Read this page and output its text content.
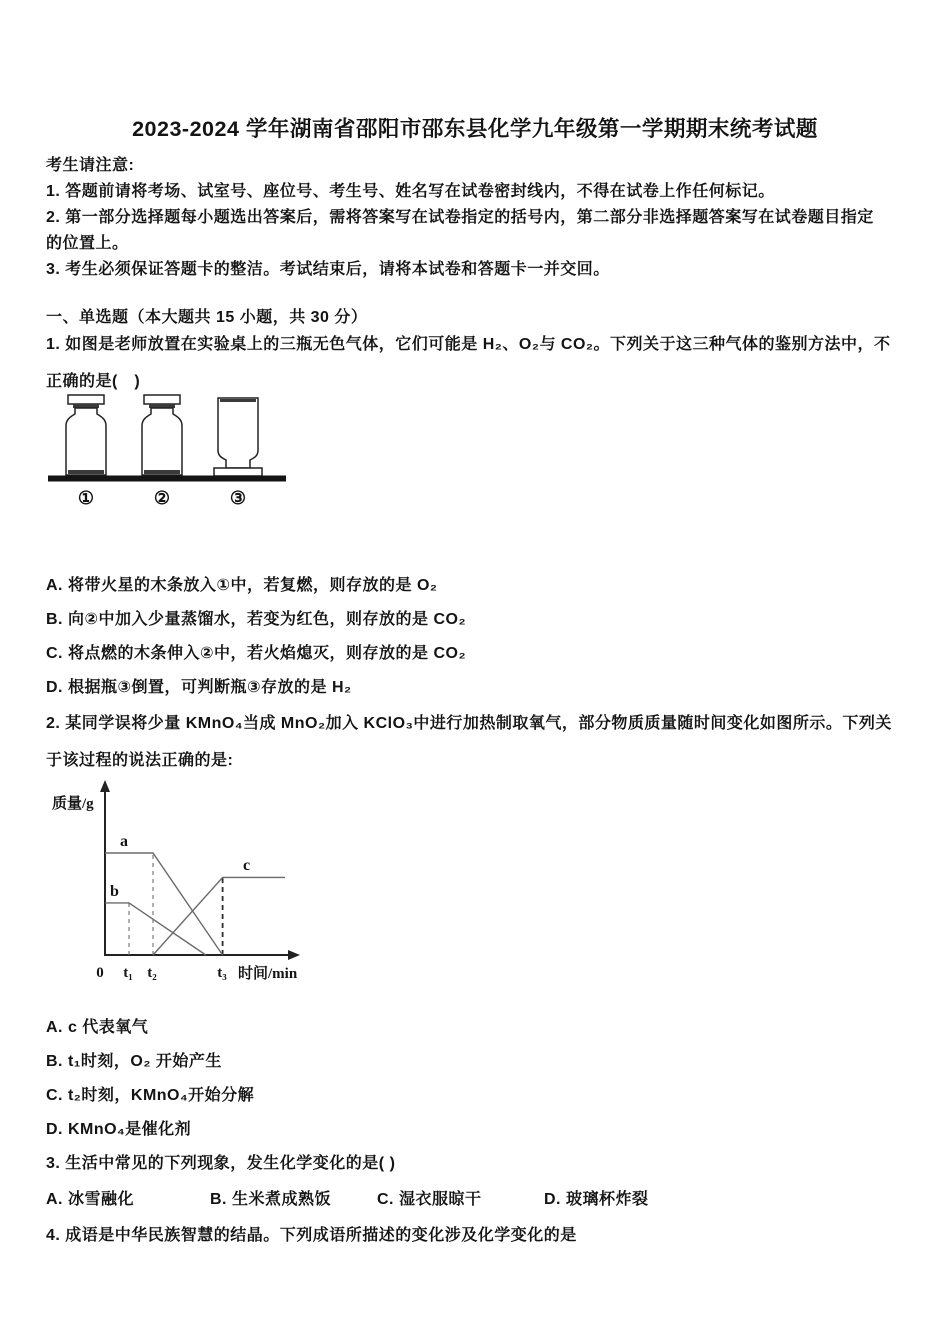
2023-2024 学年湖南省邵阳市邵东县化学九年级第一学期期末统考试题
考生请注意:
1. 答题前请将考场、试室号、座位号、考生号、姓名写在试卷密封线内，不得在试卷上作任何标记。
2. 第一部分选择题每小题选出答案后，需将答案写在试卷指定的括号内，第二部分非选择题答案写在试卷题目指定
的位置上。
3. 考生必须保证答题卡的整洁。考试结束后，请将本试卷和答题卡一并交回。
一、单选题（本大题共 15 小题，共 30 分）
1. 如图是老师放置在实验桌上的三瓶无色气体，它们可能是 H₂、O₂与 CO₂。下列关于这三种气体的鉴别方法中，不
正确的是(　)
①	②	③
A. 将带火星的木条放入①中，若复燃，则存放的是 O₂
B. 向②中加入少量蒸馏水，若变为红色，则存放的是 CO₂
C. 将点燃的木条伸入②中，若火焰熄灭，则存放的是 CO₂
D. 根据瓶③倒置，可判断瓶③存放的是 H₂
2. 某同学误将少量 KMnO₄当成 MnO₂加入 KClO₃中进行加热制取氧气，部分物质质量随时间变化如图所示。下列关
于该过程的说法正确的是:
a
b
c
质量/g
0 t₁ t₂	t₃ 时间/min
A. c 代表氧气
B. t₁时刻，O₂ 开始产生
C. t₂时刻，KMnO₄开始分解
D. KMnO₄是催化剂
3. 生活中常见的下列现象，发生化学变化的是( )
A. 冰雪融化	B. 生米煮成熟饭	C. 湿衣服晾干	D. 玻璃杯炸裂
4. 成语是中华民族智慧的结晶。下列成语所描述的变化涉及化学变化的是
